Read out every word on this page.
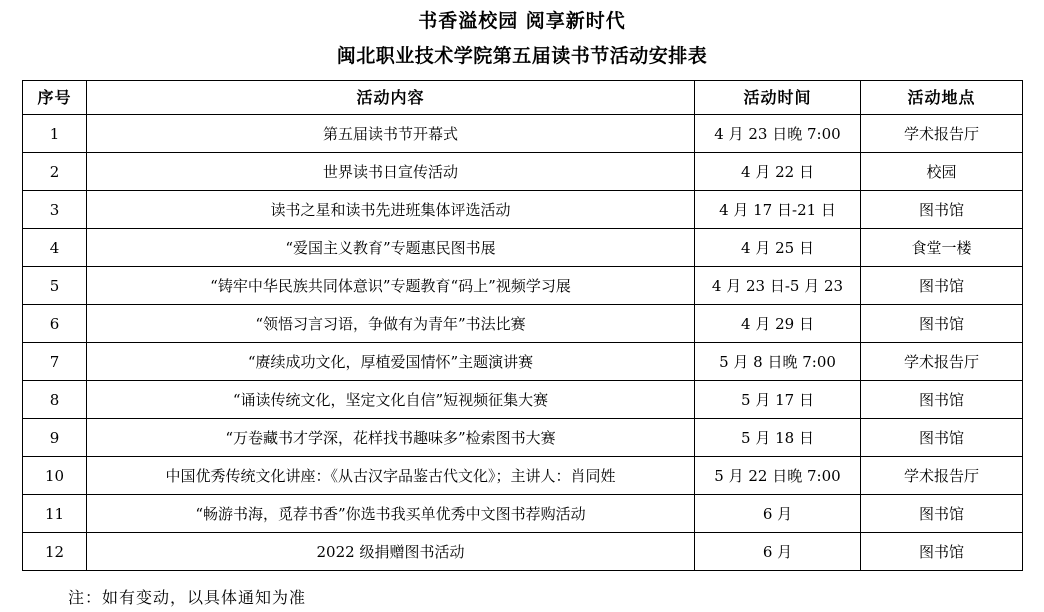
书香溢校园 阅享新时代
闽北职业技术学院第五届读书节活动安排表
序号	活动内容	活动时间	活动地点
1	第五届读书节开幕式	4 月 23 日晚 7:00	学术报告厅
2	世界读书日宣传活动	4 月 22 日	校园
3	读书之星和读书先进班集体评选活动	4 月 17 日-21 日	图书馆
4	“爱国主义教育”专题惠民图书展	4 月 25 日	食堂一楼
5	“铸牢中华民族共同体意识”专题教育“码上”视频学习展	4 月 23 日-5 月 23	图书馆
6	“领悟习言习语，争做有为青年”书法比赛	4 月 29 日	图书馆
7	“赓续成功文化，厚植爱国情怀”主题演讲赛	5 月 8 日晚 7:00	学术报告厅
8	“诵读传统文化，坚定文化自信”短视频征集大赛	5 月 17 日	图书馆
9	“万卷藏书才学深，花样找书趣味多”检索图书大赛	5 月 18 日	图书馆
10	中国优秀传统文化讲座：《从古汉字品鉴古代文化》；主讲人：肖同姓	5 月 22 日晚 7:00	学术报告厅
11	“畅游书海，觅荐书香”你选书我买单优秀中文图书荐购活动	6 月	图书馆
12	2022 级捐赠图书活动	6 月	图书馆
注：如有变动，以具体通知为准
